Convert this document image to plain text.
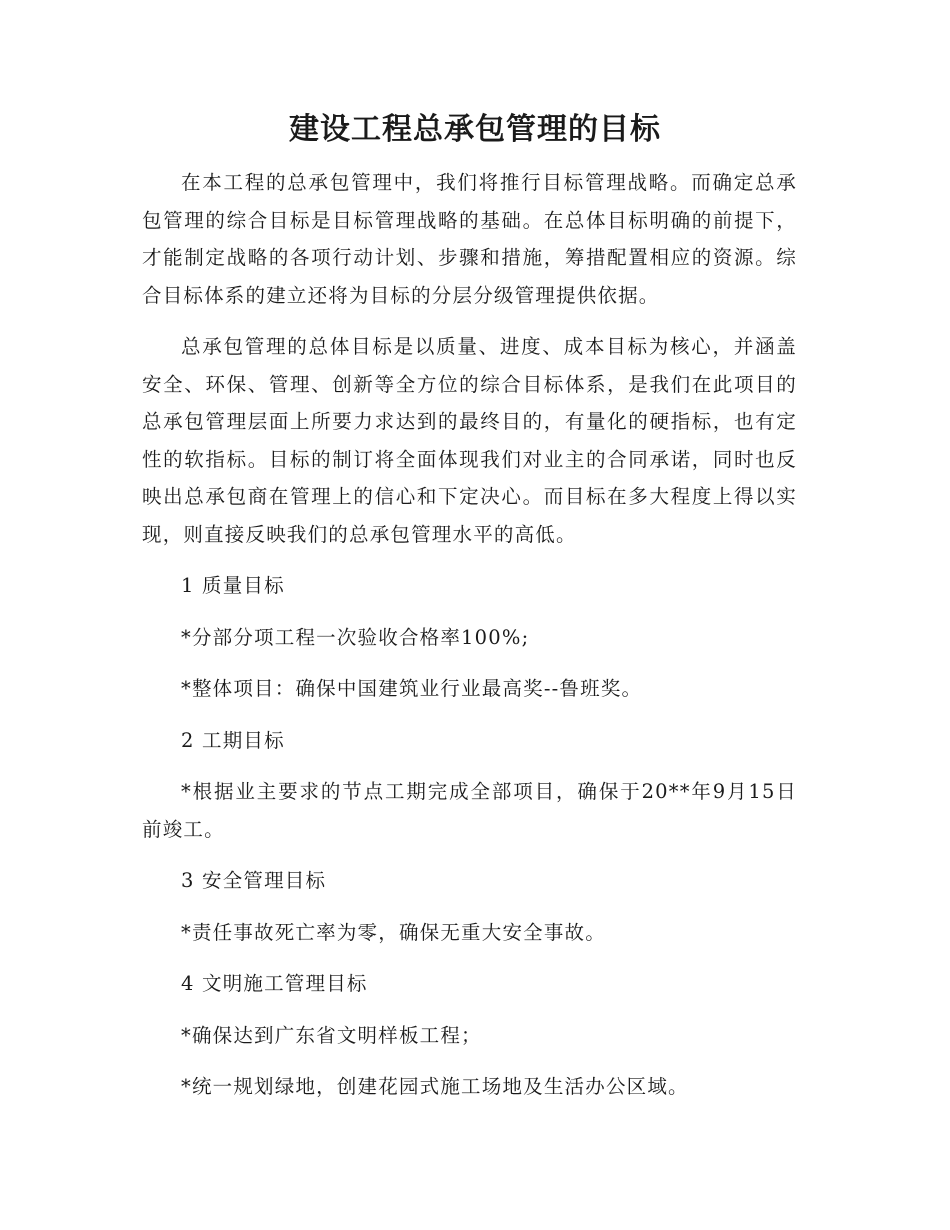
建设工程总承包管理的目标

在本工程的总承包管理中，我们将推行目标管理战略。而确定总承包管理的综合目标是目标管理战略的基础。在总体目标明确的前提下，才能制定战略的各项行动计划、步骤和措施，筹措配置相应的资源。综合目标体系的建立还将为目标的分层分级管理提供依据。

总承包管理的总体目标是以质量、进度、成本目标为核心，并涵盖安全、环保、管理、创新等全方位的综合目标体系，是我们在此项目的总承包管理层面上所要力求达到的最终目的，有量化的硬指标，也有定性的软指标。目标的制订将全面体现我们对业主的合同承诺，同时也反映出总承包商在管理上的信心和下定决心。而目标在多大程度上得以实现，则直接反映我们的总承包管理水平的高低。

1 质量目标

*分部分项工程一次验收合格率100%;

*整体项目：确保中国建筑业行业最高奖--鲁班奖。

2 工期目标

*根据业主要求的节点工期完成全部项目，确保于20**年9月15日前竣工。

3 安全管理目标

*责任事故死亡率为零，确保无重大安全事故。

4 文明施工管理目标

*确保达到广东省文明样板工程；

*统一规划绿地，创建花园式施工场地及生活办公区域。
